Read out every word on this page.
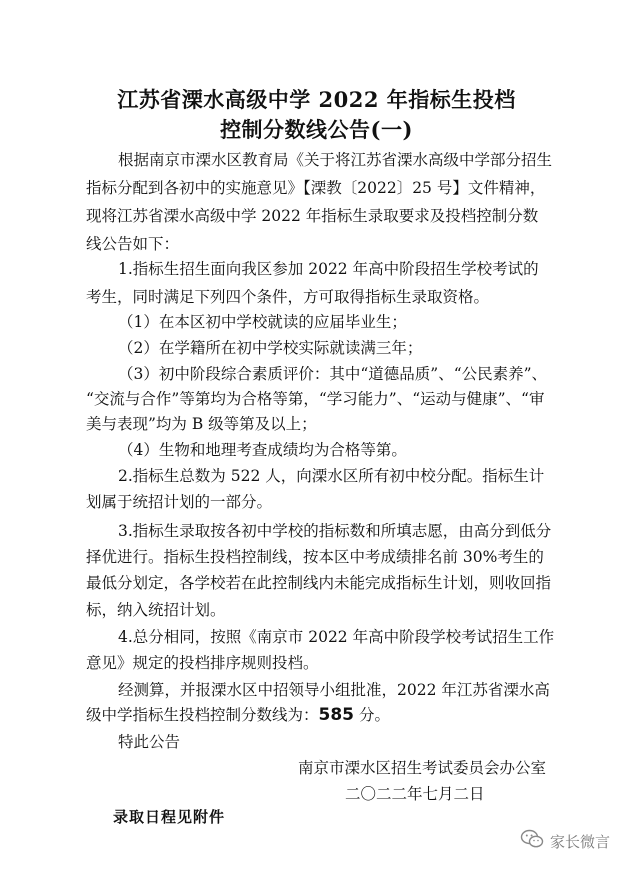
江苏省溧水高级中学 2022 年指标生投档
控制分数线公告(一)
根据南京市溧水区教育局《关于将江苏省溧水高级中学部分招生
指标分配到各初中的实施意见》【溧教〔2022〕25 号】文件精神，
现将江苏省溧水高级中学 2022 年指标生录取要求及投档控制分数
线公告如下：
1.指标生招生面向我区参加 2022 年高中阶段招生学校考试的
考生，同时满足下列四个条件，方可取得指标生录取资格。
（1）在本区初中学校就读的应届毕业生；
（2）在学籍所在初中学校实际就读满三年；
（3）初中阶段综合素质评价：其中“道德品质”、“公民素养”、
“交流与合作”等第均为合格等第，“学习能力”、“运动与健康”、“审
美与表现”均为 B 级等第及以上；
（4）生物和地理考查成绩均为合格等第。
2.指标生总数为 522 人，向溧水区所有初中校分配。指标生计
划属于统招计划的一部分。
3.指标生录取按各初中学校的指标数和所填志愿，由高分到低分
择优进行。指标生投档控制线，按本区中考成绩排名前 30%考生的
最低分划定，各学校若在此控制线内未能完成指标生计划，则收回指
标，纳入统招计划。
4.总分相同，按照《南京市 2022 年高中阶段学校考试招生工作
意见》规定的投档排序规则投档。
经测算，并报溧水区中招领导小组批准，2022 年江苏省溧水高
级中学指标生投档控制分数线为：585 分。
特此公告
南京市溧水区招生考试委员会办公室
二〇二二年七月二日
录取日程见附件
家长微言
